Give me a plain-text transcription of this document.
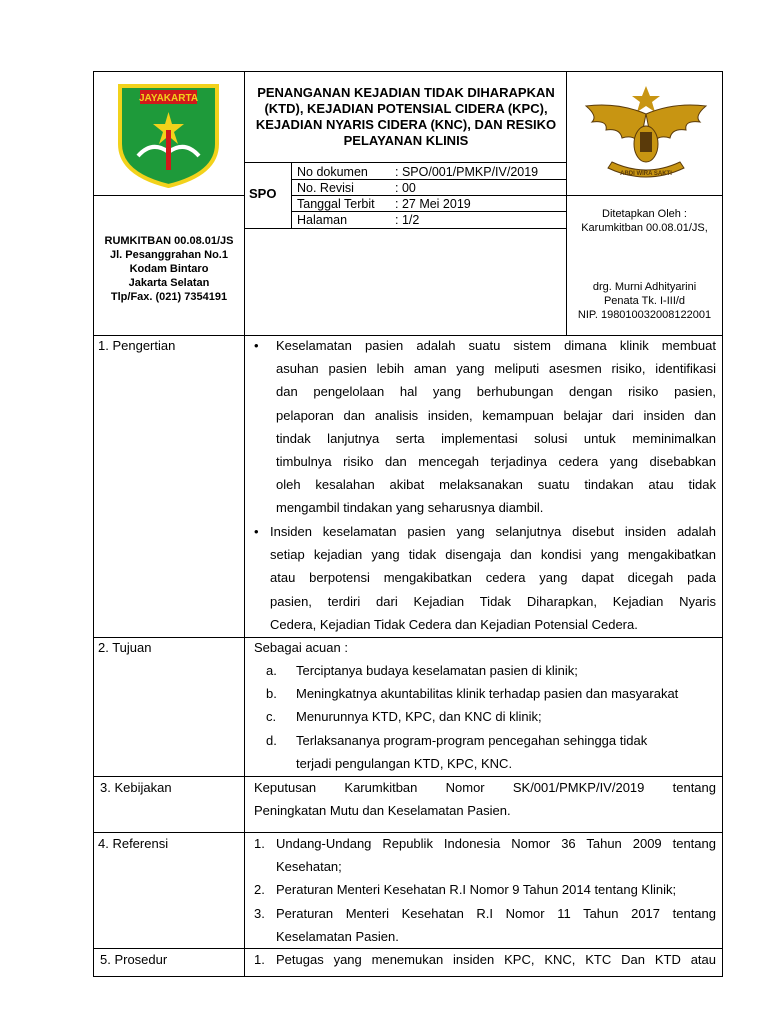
JAYAKARTA	PENANGANAN KEJADIAN TIDAK DIHARAPKAN (KTD), KEJADIAN POTENSIAL CIDERA (KPC), KEJADIAN NYARIS CIDERA (KNC), DAN RESIKO PELAYANAN KLINIS
ABDI WIRA SAKTI
SPO
No dokumen : SPO/001/PMKP/IV/2019
No. Revisi	: 00
Tanggal Terbit : 27 Mei 2019
Halaman	: 1/2
RUMKITBAN 00.08.01/JS
Jl. Pesanggrahan No.1
Kodam Bintaro
Jakarta Selatan
Tlp/Fax. (021) 7354191
Ditetapkan Oleh :
Karumkitban 00.08.01/JS,
drg. Murni Adhityarini
Penata Tk. I-III/d
NIP. 198010032008122001
1. Pengertian	• Keselamatan pasien adalah suatu sistem dimana klinik membuat
asuhan pasien lebih aman yang meliputi asesmen risiko, identifikasi
dan pengelolaan hal yang berhubungan dengan risiko pasien,
pelaporan dan analisis insiden, kemampuan belajar dari insiden dan
tindak lanjutnya serta implementasi solusi untuk meminimalkan
timbulnya risiko dan mencegah terjadinya cedera yang disebabkan
oleh kesalahan akibat melaksanakan suatu tindakan atau tidak
mengambil tindakan yang seharusnya diambil.
• Insiden keselamatan pasien yang selanjutnya disebut insiden adalah
setiap kejadian yang tidak disengaja dan kondisi yang mengakibatkan
atau berpotensi mengakibatkan cedera yang dapat dicegah pada
pasien, terdiri dari Kejadian Tidak Diharapkan, Kejadian Nyaris
Cedera, Kejadian Tidak Cedera dan Kejadian Potensial Cedera.
2. Tujuan	Sebagai acuan :
a. Terciptanya budaya keselamatan pasien di klinik;
b. Meningkatnya akuntabilitas klinik terhadap pasien dan masyarakat
c. Menurunnya KTD, KPC, dan KNC di klinik;
d. Terlaksananya program-program pencegahan sehingga tidak
terjadi pengulangan KTD, KPC, KNC.
3. Kebijakan	Keputusan Karumkitban Nomor SK/001/PMKP/IV/2019 tentang
Peningkatan Mutu dan Keselamatan Pasien.
4. Referensi	1. Undang-Undang Republik Indonesia Nomor 36 Tahun 2009 tentang
Kesehatan;
2. Peraturan Menteri Kesehatan R.I Nomor 9 Tahun 2014 tentang Klinik;
3. Peraturan Menteri Kesehatan R.I Nomor 11 Tahun 2017 tentang
Keselamatan Pasien.
5. Prosedur	1. Petugas yang menemukan insiden KPC, KNC, KTC Dan KTD atau
